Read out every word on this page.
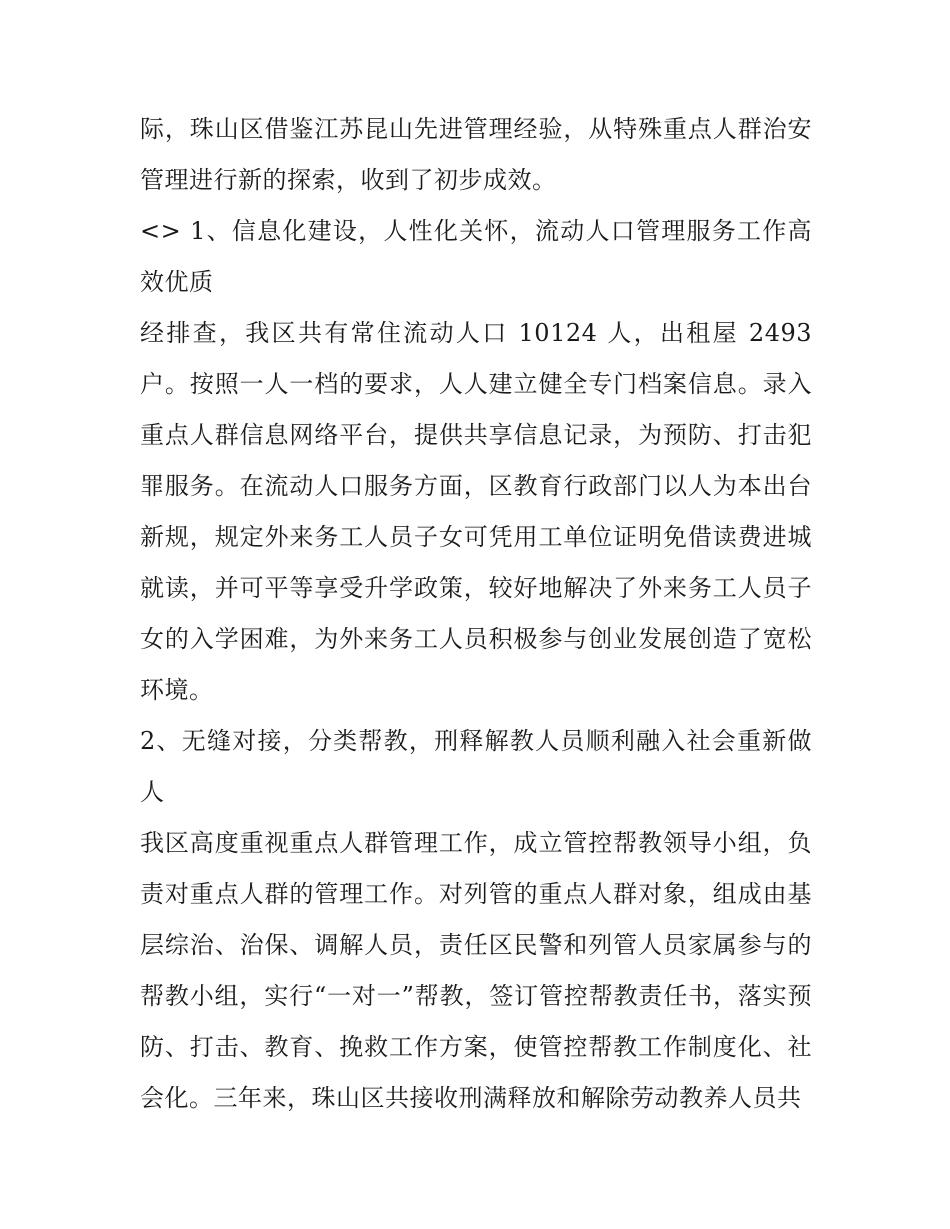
际，珠山区借鉴江苏昆山先进管理经验，从特殊重点人群治安管理进行新的探索，收到了初步成效。

<> 1、信息化建设，人性化关怀，流动人口管理服务工作高效优质

经排查，我区共有常住流动人口 10124 人，出租屋 2493 户。按照一人一档的要求，人人建立健全专门档案信息。录入重点人群信息网络平台，提供共享信息记录，为预防、打击犯罪服务。在流动人口服务方面，区教育行政部门以人为本出台新规，规定外来务工人员子女可凭用工单位证明免借读费进城就读，并可平等享受升学政策，较好地解决了外来务工人员子女的入学困难，为外来务工人员积极参与创业发展创造了宽松环境。

2、无缝对接，分类帮教，刑释解教人员顺利融入社会重新做人

我区高度重视重点人群管理工作，成立管控帮教领导小组，负责对重点人群的管理工作。对列管的重点人群对象，组成由基层综治、治保、调解人员，责任区民警和列管人员家属参与的帮教小组，实行“一对一”帮教，签订管控帮教责任书，落实预防、打击、教育、挽救工作方案，使管控帮教工作制度化、社会化。三年来，珠山区共接收刑满释放和解除劳动教养人员共
